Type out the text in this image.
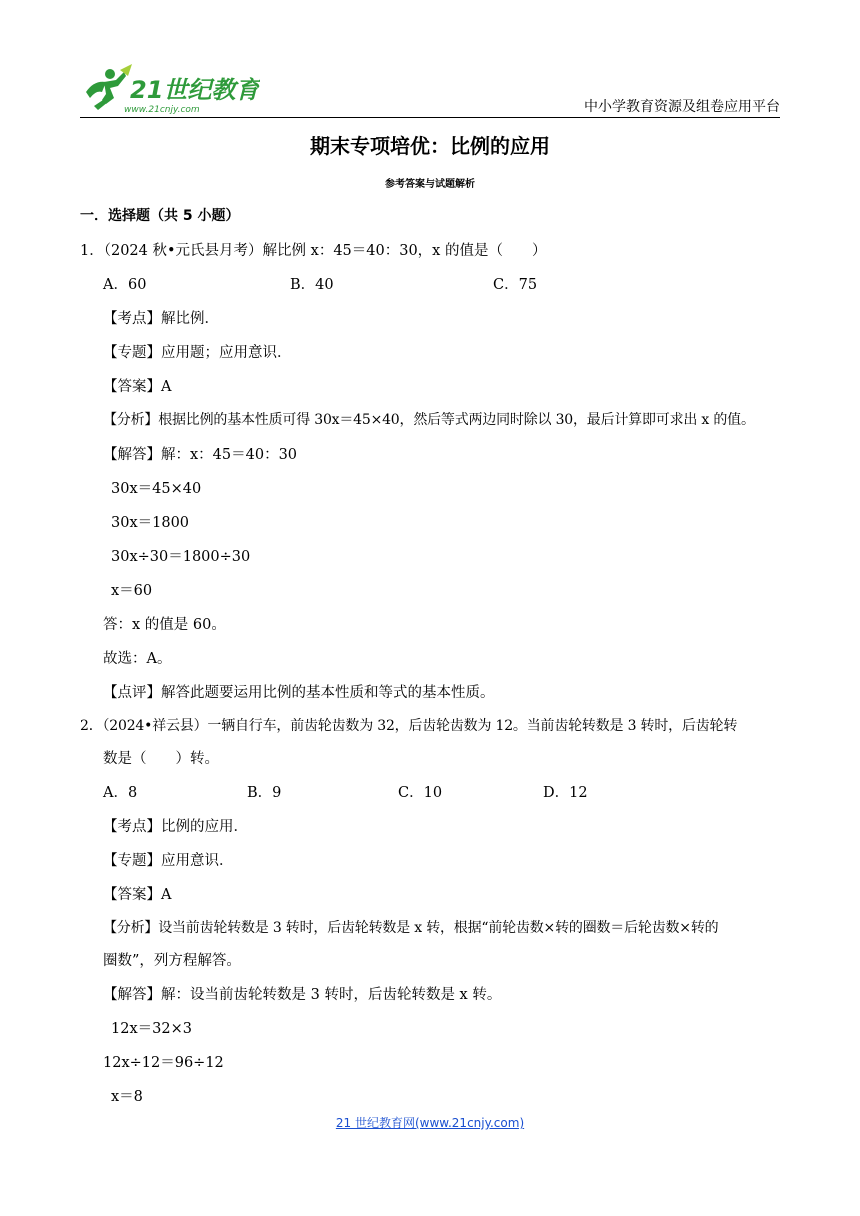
21世纪教育
www.21cnjy.com	中小学教育资源及组卷应用平台
期末专项培优：比例的应用
参考答案与试题解析
一．选择题（共 5 小题）
1．（2024 秋•元氏县月考）解比例 x：45＝40：30，x 的值是（　　）
A．60	B．40	C．75
【考点】解比例．
【专题】应用题；应用意识．
【答案】A
【分析】根据比例的基本性质可得 30x＝45×40，然后等式两边同时除以 30，最后计算即可求出 x 的值。
【解答】解：x：45＝40：30
30x＝45×40
30x＝1800
30x÷30＝1800÷30
x＝60
答：x 的值是 60。
故选：A。
【点评】解答此题要运用比例的基本性质和等式的基本性质。
2．（2024•祥云县）一辆自行车，前齿轮齿数为 32，后齿轮齿数为 12。当前齿轮转数是 3 转时，后齿轮转
数是（　　）转。
A．8	B．9	C．10	D．12
【考点】比例的应用．
【专题】应用意识．
【答案】A
【分析】设当前齿轮转数是 3 转时，后齿轮转数是 x 转，根据“前轮齿数×转的圈数＝后轮齿数×转的
圈数”，列方程解答。
【解答】解：设当前齿轮转数是 3 转时，后齿轮转数是 x 转。
12x＝32×3
12x÷12＝96÷12
x＝8
21 世纪教育网(www.21cnjy.com)
